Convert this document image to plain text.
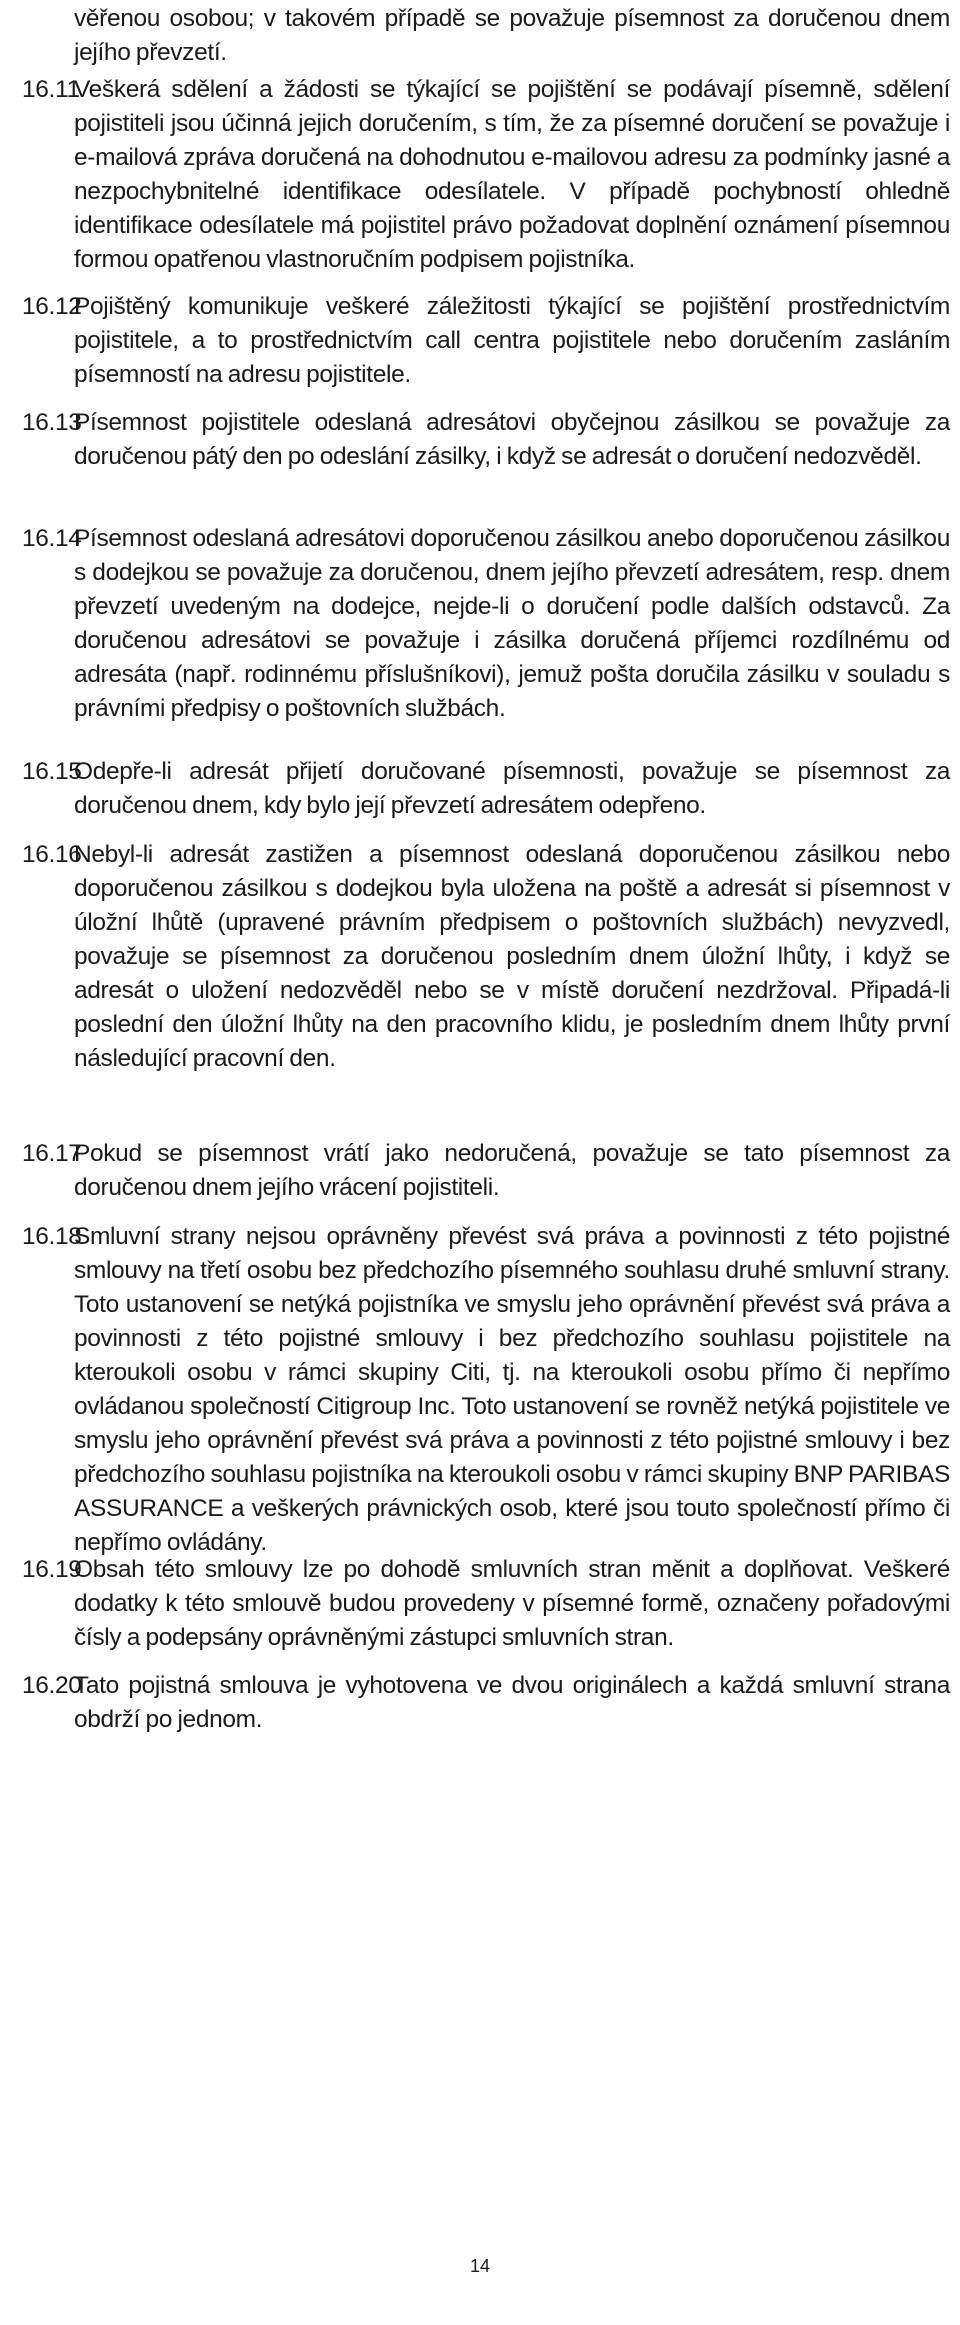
věřenou osobou; v takovém případě se považuje písemnost za doručenou dnem jejího převzetí.
16.11
Veškerá sdělení a žádosti se týkající se pojištění se podávají písemně, sdělení pojistiteli jsou účinná jejich doručením, s tím, že za písemné doručení se považuje i e-mailová zpráva doručená na dohodnutou e-mailovou adresu za podmínky jasné a nezpochybnitelné identifikace odesílatele. V případě pochybností ohledně identifikace odesílatele má pojistitel právo požadovat doplnění oznámení písemnou formou opatřenou vlastnoručním podpisem pojistníka.
16.12
Pojištěný komunikuje veškeré záležitosti týkající se pojištění prostřednictvím pojistitele, a to prostřednictvím call centra pojistitele nebo doručením zasláním písemností na adresu pojistitele.
16.13
Písemnost pojistitele odeslaná adresátovi obyčejnou zásilkou se považuje za doručenou pátý den po odeslání zásilky, i když se adresát o doručení nedozvěděl.
16.14
Písemnost odeslaná adresátovi doporučenou zásilkou anebo doporučenou zásilkou s dodejkou se považuje za doručenou, dnem jejího převzetí adresátem, resp. dnem převzetí uvedeným na dodejce, nejde-li o doručení podle dalších odstavců. Za doručenou adresátovi se považuje i zásilka doručená příjemci rozdílnému od adresáta (např. rodinnému příslušníkovi), jemuž pošta doručila zásilku v souladu s právními předpisy o poštovních službách.
16.15
Odepře-li adresát přijetí doručované písemnosti, považuje se písemnost za doručenou dnem, kdy bylo její převzetí adresátem odepřeno.
16.16
Nebyl-li adresát zastižen a písemnost odeslaná doporučenou zásilkou nebo doporučenou zásilkou s dodejkou byla uložena na poště a adresát si písemnost v úložní lhůtě (upravené právním předpisem o poštovních službách) nevyzvedl, považuje se písemnost za doručenou posledním dnem úložní lhůty, i když se adresát o uložení nedozvěděl nebo se v místě doručení nezdržoval. Připadá-li poslední den úložní lhůty na den pracovního klidu, je posledním dnem lhůty první následující pracovní den.
16.17
Pokud se písemnost vrátí jako nedoručená, považuje se tato písemnost za doručenou dnem jejího vrácení pojistiteli.
16.18
Smluvní strany nejsou oprávněny převést svá práva a povinnosti z této pojistné smlouvy na třetí osobu bez předchozího písemného souhlasu druhé smluvní strany. Toto ustanovení se netýká pojistníka ve smyslu jeho oprávnění převést svá práva a povinnosti z této pojistné smlouvy i bez předchozího souhlasu pojistitele na kteroukoli osobu v rámci skupiny Citi, tj. na kteroukoli osobu přímo či nepřímo ovládanou společností Citigroup Inc. Toto ustanovení se rovněž netýká pojistitele ve smyslu jeho oprávnění převést svá práva a povinnosti z této pojistné smlouvy i bez předchozího souhlasu pojistníka na kteroukoli osobu v rámci skupiny BNP PARIBAS ASSURANCE a veškerých právnických osob, které jsou touto společností přímo či nepřímo ovládány.
16.19
Obsah této smlouvy lze po dohodě smluvních stran měnit a doplňovat. Veškeré dodatky k této smlouvě budou provedeny v písemné formě, označeny pořadovými čísly a podepsány oprávněnými zástupci smluvních stran.
16.20
Tato pojistná smlouva je vyhotovena ve dvou originálech a každá smluvní strana obdrží po jednom.
14
